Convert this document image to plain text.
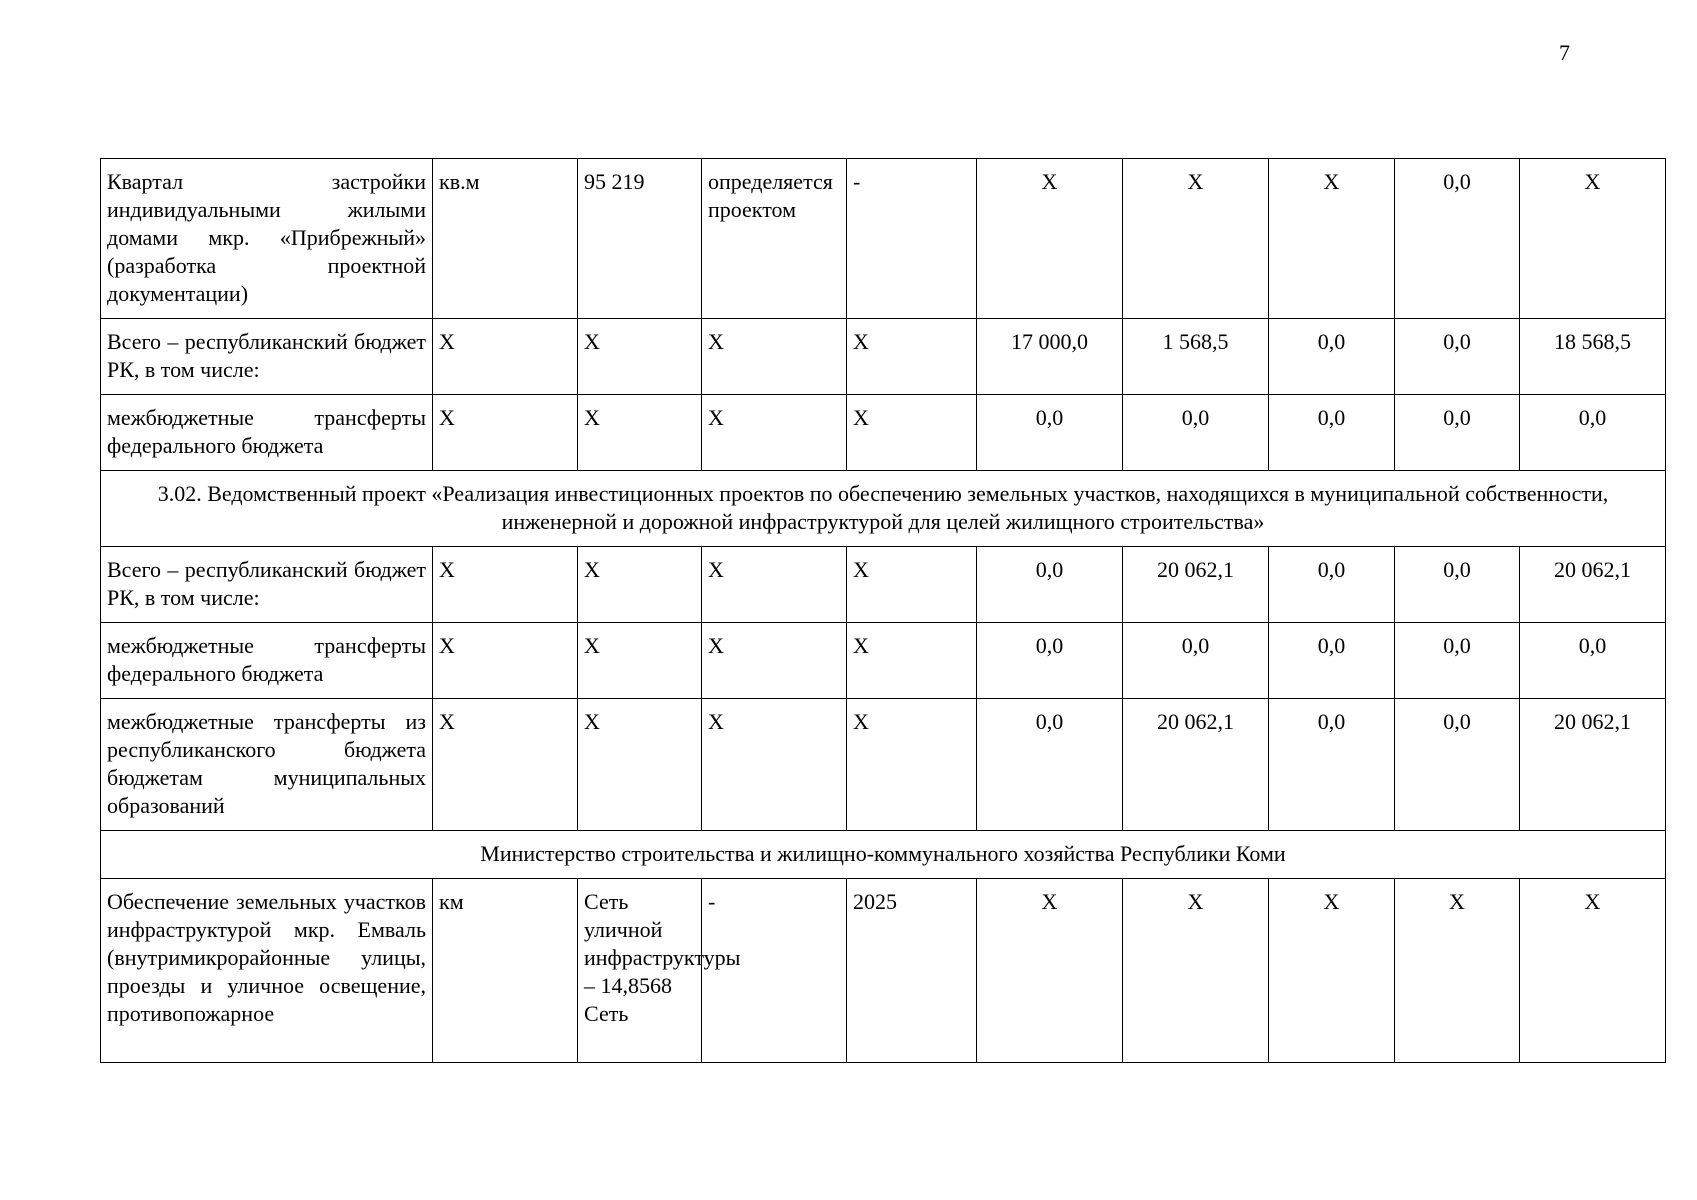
7
Квартал застройки индивидуальными жилыми домами мкр. «Прибрежный» (разработка проектной документации)	кв.м	95 219	определяется проектом	-	Х	Х	Х	0,0	Х
Всего – республиканский бюджет РК, в том числе:	Х	Х	Х	Х	17 000,0	1 568,5	0,0	0,0	18 568,5
межбюджетные трансферты федерального бюджета	Х	Х	Х	Х	0,0	0,0	0,0	0,0	0,0
3.02. Ведомственный проект «Реализация инвестиционных проектов по обеспечению земельных участков, находящихся в муниципальной собственности, инженерной и дорожной инфраструктурой для целей жилищного строительства»									
Всего – республиканский бюджет РК, в том числе:	Х	Х	Х	Х	0,0	20 062,1	0,0	0,0	20 062,1
межбюджетные трансферты федерального бюджета	Х	Х	Х	Х	0,0	0,0	0,0	0,0	0,0
межбюджетные трансферты из республиканского бюджета бюджетам муниципальных образований	Х	Х	Х	Х	0,0	20 062,1	0,0	0,0	20 062,1
Министерство строительства и жилищно-коммунального хозяйства Республики Коми									
Обеспечение земельных участков инфраструктурой мкр. Емваль (внутримикрорайонные улицы, проезды и уличное освещение, противопожарное	км	Сеть уличной инфраструктуры – 14,8568 Сеть	-	2025	Х	Х	Х	Х	Х
